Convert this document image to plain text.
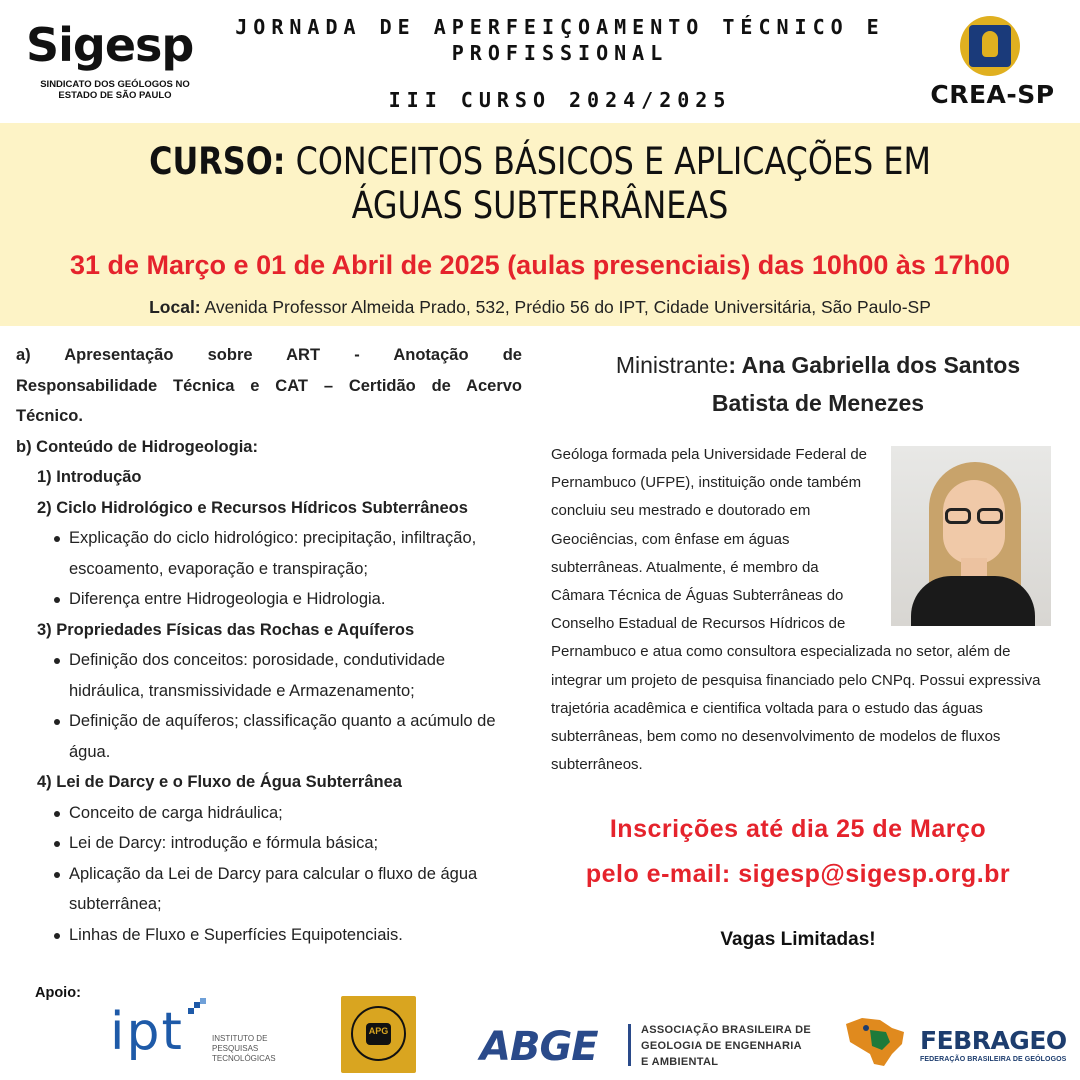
Sigesp
SINDICATO DOS GEÓLOGOS NO ESTADO DE SÃO PAULO
JORNADA DE APERFEIÇOAMENTO TÉCNICO E PROFISSIONAL
III CURSO 2024/2025	CREA-SP
CURSO: CONCEITOS BÁSICOS E APLICAÇÕES EM ÁGUAS SUBTERRÂNEAS
31 de Março e 01 de Abril de 2025 (aulas presenciais) das 10h00 às 17h00
Local: Avenida Professor Almeida Prado, 532, Prédio 56 do IPT, Cidade Universitária, São Paulo-SP
a) Apresentação sobre ART - Anotação de
Responsabilidade Técnica e CAT – Certidão de Acervo
Técnico.
b) Conteúdo de Hidrogeologia:
1) Introdução
2) Ciclo Hidrológico e Recursos Hídricos Subterrâneos
Explicação do ciclo hidrológico: precipitação, infiltração, escoamento, evaporação e transpiração;
Diferença entre Hidrogeologia e Hidrologia.
3) Propriedades Físicas das Rochas e Aquíferos
Definição dos conceitos: porosidade, condutividade hidráulica, transmissividade e Armazenamento;
Definição de aquíferos; classificação quanto a acúmulo de água.
4) Lei de Darcy e o Fluxo de Água Subterrânea
Conceito de carga hidráulica;
Lei de Darcy: introdução e fórmula básica;
Aplicação da Lei de Darcy para calcular o fluxo de água subterrânea;
Linhas de Fluxo e Superfícies Equipotenciais.
Ministrante: Ana Gabriella dos Santos Batista de Menezes
Geóloga formada pela Universidade Federal de Pernambuco (UFPE), instituição onde também concluiu seu mestrado e doutorado em Geociências, com ênfase em águas subterrâneas. Atualmente, é membro da Câmara Técnica de Águas Subterrâneas do Conselho Estadual de Recursos Hídricos de Pernambuco e atua como consultora especializada no setor, além de integrar um projeto de pesquisa financiado pelo CNPq. Possui expressiva trajetória acadêmica e cientifica voltada para o estudo das águas subterrâneas, bem como no desenvolvimento de modelos de fluxos subterrâneos.
Inscrições até dia 25 de Março
pelo e-mail: sigesp@sigesp.org.br
Vagas Limitadas!
Apoio:
ipt	INSTITUTO DE PESQUISAS TECNOLÓGICAS
APG ABGE	ASSOCIAÇÃO BRASILEIRA DE GEOLOGIA DE ENGENHARIA E AMBIENTAL
FEBRAGEO
FEDERAÇÃO BRASILEIRA DE GEÓLOGOS
